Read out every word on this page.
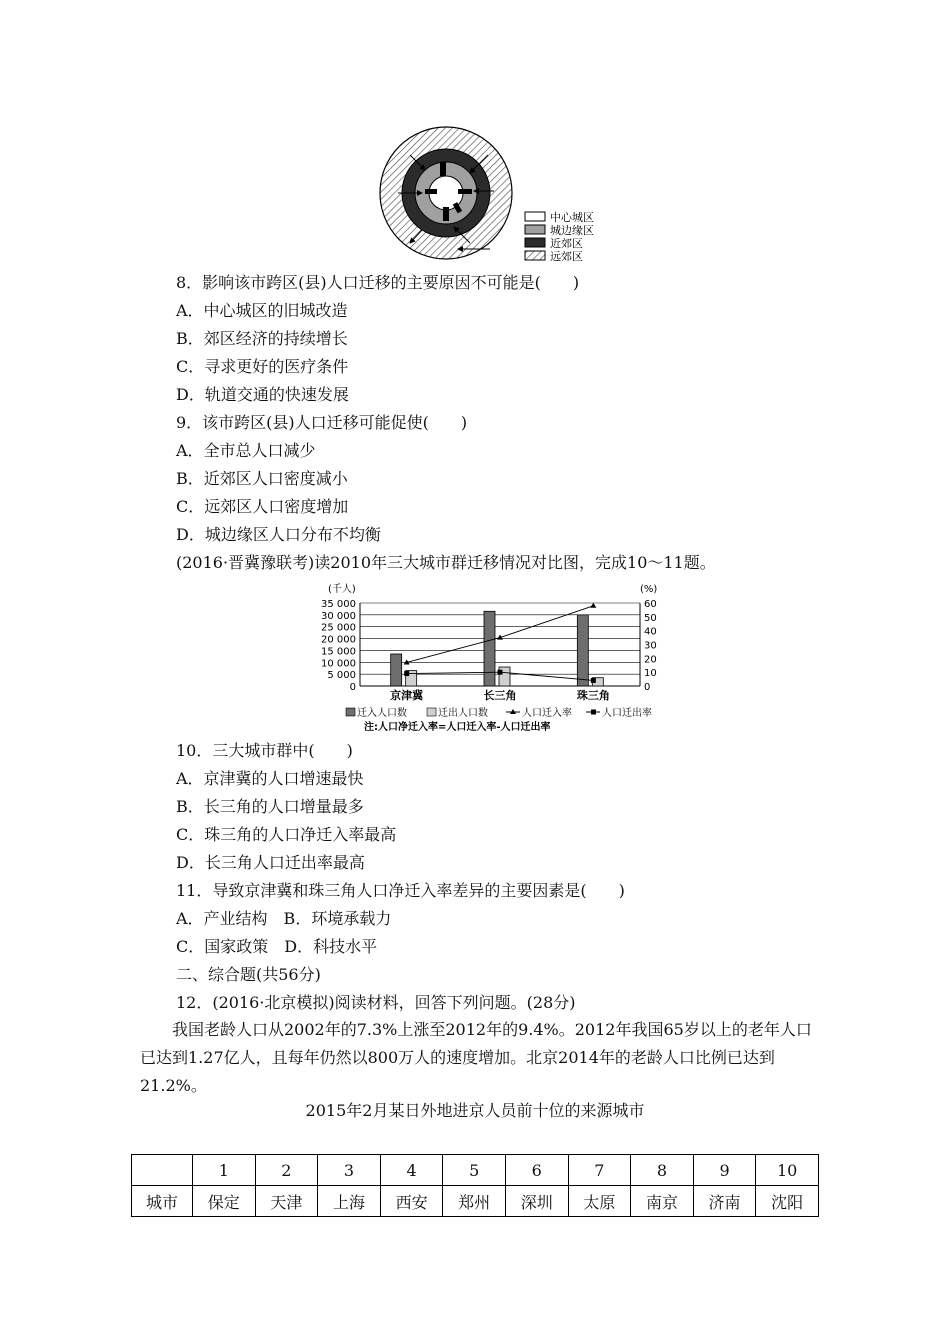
中心城区
城边缘区
近郊区
远郊区
8．影响该市跨区(县)人口迁移的主要原因不可能是(　　)
A．中心城区的旧城改造
B．郊区经济的持续增长
C．寻求更好的医疗条件
D．轨道交通的快速发展
9．该市跨区(县)人口迁移可能促使(　　)
A．全市总人口减少
B．近郊区人口密度减小
C．远郊区人口密度增加
D．城边缘区人口分布不均衡
(2016·晋冀豫联考)读2010年三大城市群迁移情况对比图，完成10～11题。
(千人)	(%)
35 000
30 000
25 000
20 000
15 000
10 000
5 000
0
60
50
40
30
20
10
0
京津冀	长三角	珠三角
迁入人口数	迁出人口数	人口迁入率	人口迁出率
注:人口净迁入率=人口迁入率-人口迁出率
10．三大城市群中(　　)
A．京津冀的人口增速最快
B．长三角的人口增量最多
C．珠三角的人口净迁入率最高
D．长三角人口迁出率最高
11．导致京津冀和珠三角人口净迁入率差异的主要因素是(　　)
A．产业结构　B．环境承载力
C．国家政策　D．科技水平
二、综合题(共56分)
12．(2016·北京模拟)阅读材料，回答下列问题。(28分)
我国老龄人口从2002年的7.3%上涨至2012年的9.4%。2012年我国65岁以上的老年人口已达到1.27亿人，且每年仍然以800万人的速度增加。北京2014年的老龄人口比例已达到21.2%。
2015年2月某日外地进京人员前十位的来源城市
	1	2	3	4	5	6	7	8	9	10
城市	保定	天津	上海	西安	郑州	深圳	太原	南京	济南	沈阳
